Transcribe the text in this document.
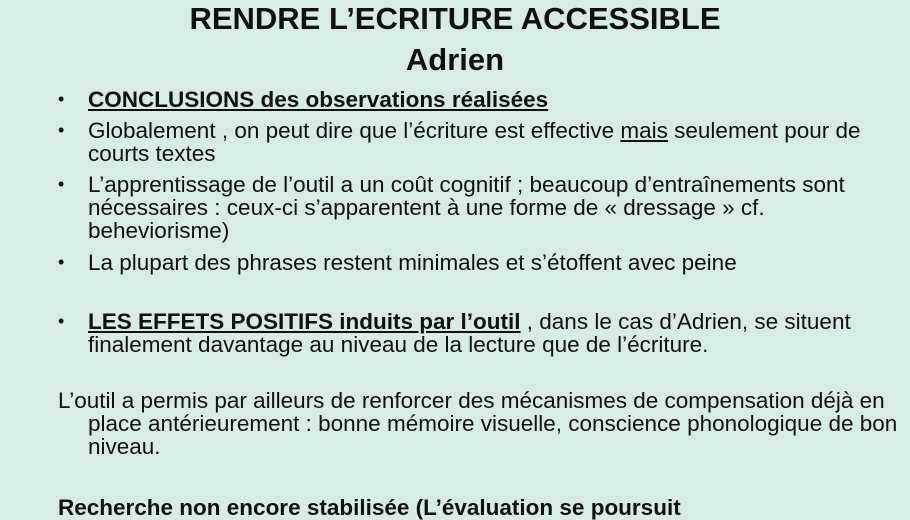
RENDRE L’ECRITURE ACCESSIBLE
Adrien
• CONCLUSIONS des observations réalisées
• Globalement , on peut dire que l’écriture est effective mais seulement pour de courts textes
• L’apprentissage de l’outil a un coût cognitif ; beaucoup d’entraînements sont nécessaires : ceux-ci s’apparentent à une forme de « dressage » cf. beheviorisme)
• La plupart des phrases restent minimales et s’étoffent avec peine
• LES EFFETS POSITIFS induits par l’outil , dans le cas d’Adrien, se situent finalement davantage au niveau de la lecture que de l’écriture.
L’outil a permis par ailleurs de renforcer des mécanismes de compensation déjà en place antérieurement : bonne mémoire visuelle, conscience phonologique de bon niveau.
Recherche non encore stabilisée (L’évaluation se poursuit
